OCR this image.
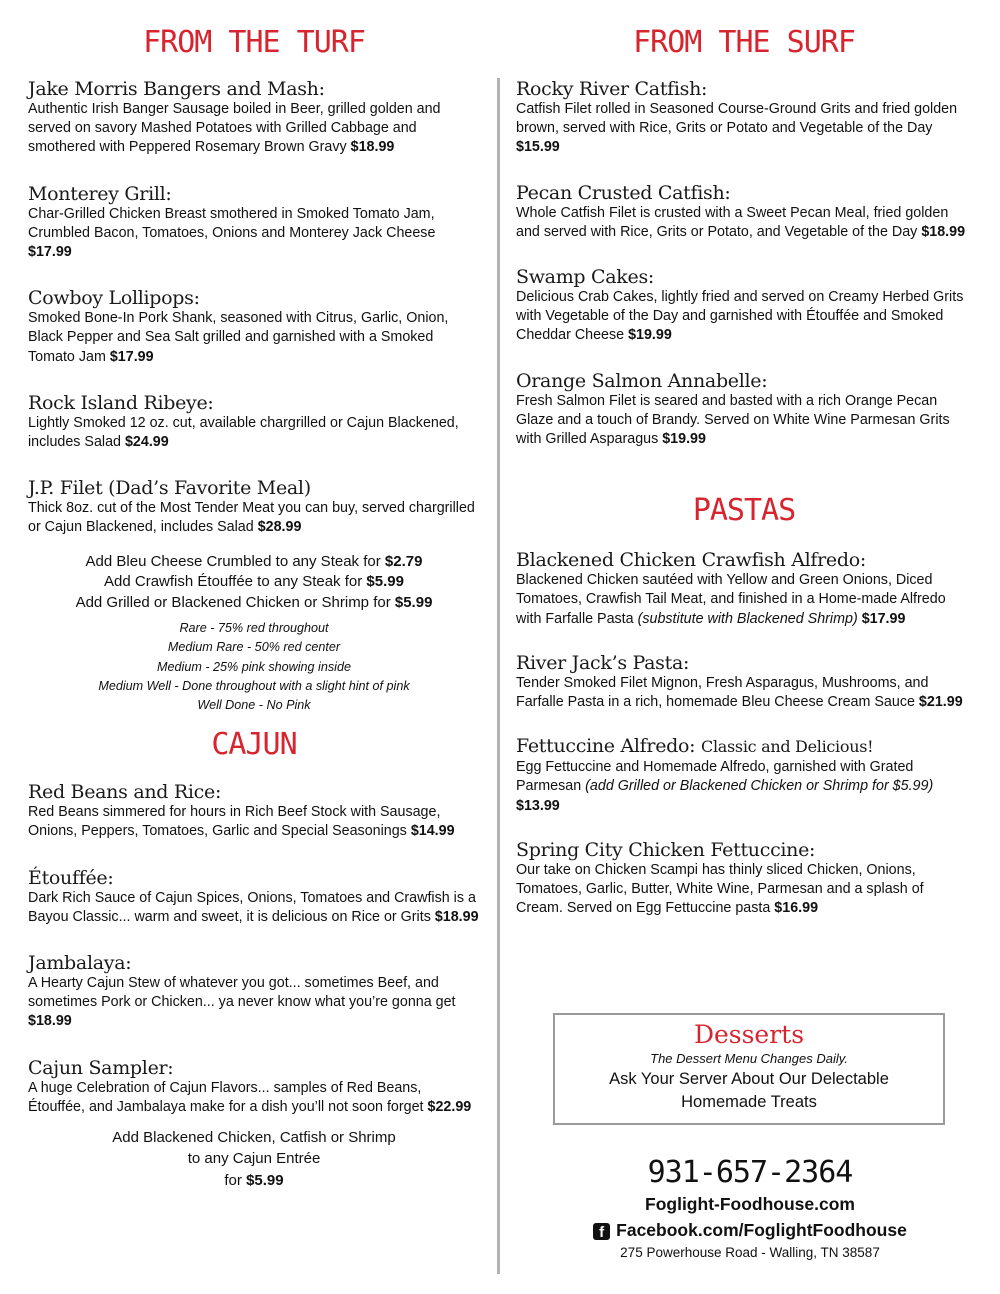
FROM THE TURF

Jake Morris Bangers and Mash:

Authentic Irish Banger Sausage boiled in Beer, grilled golden and served on savory Mashed Potatoes with Grilled Cabbage and smothered with Peppered Rosemary Brown Gravy $18.99

Monterey Grill:

Char-Grilled Chicken Breast smothered in Smoked Tomato Jam, Crumbled Bacon, Tomatoes, Onions and Monterey Jack Cheese $17.99

Cowboy Lollipops:

Smoked Bone-In Pork Shank, seasoned with Citrus, Garlic, Onion, Black Pepper and Sea Salt grilled and garnished with a Smoked Tomato Jam $17.99

Rock Island Ribeye:

Lightly Smoked 12 oz. cut, available chargrilled or Cajun Blackened, includes Salad $24.99

J.P. Filet (Dad’s Favorite Meal)

Thick 8oz. cut of the Most Tender Meat you can buy, served chargrilled or Cajun Blackened, includes Salad $28.99

Add Bleu Cheese Crumbled to any Steak for $2.79
Add Crawfish Étouffée to any Steak for $5.99
Add Grilled or Blackened Chicken or Shrimp for $5.99
Rare - 75% red throughout
Medium Rare - 50% red center
Medium - 25% pink showing inside
Medium Well - Done throughout with a slight hint of pink
Well Done - No Pink
CAJUN

Red Beans and Rice:

Red Beans simmered for hours in Rich Beef Stock with Sausage, Onions, Peppers, Tomatoes, Garlic and Special Seasonings $14.99

Étouffée:

Dark Rich Sauce of Cajun Spices, Onions, Tomatoes and Crawfish is a Bayou Classic... warm and sweet, it is delicious on Rice or Grits $18.99

Jambalaya:

A Hearty Cajun Stew of whatever you got... sometimes Beef, and sometimes Pork or Chicken... ya never know what you’re gonna get $18.99

Cajun Sampler:

A huge Celebration of Cajun Flavors... samples of Red Beans, Étouffée, and Jambalaya make for a dish you’ll not soon forget $22.99

Add Blackened Chicken, Catfish or Shrimp
to any Cajun Entrée
for $5.99
FROM THE SURF

Rocky River Catfish:

Catfish Filet rolled in Seasoned Course-Ground Grits and fried golden brown, served with Rice, Grits or Potato and Vegetable of the Day $15.99

Pecan Crusted Catfish:

Whole Catfish Filet is crusted with a Sweet Pecan Meal, fried golden and served with Rice, Grits or Potato, and Vegetable of the Day $18.99

Swamp Cakes:

Delicious Crab Cakes, lightly fried and served on Creamy Herbed Grits with Vegetable of the Day and garnished with Étouffée and Smoked Cheddar Cheese $19.99

Orange Salmon Annabelle:

Fresh Salmon Filet is seared and basted with a rich Orange Pecan Glaze and a touch of Brandy. Served on White Wine Parmesan Grits with Grilled Asparagus $19.99

PASTAS

Blackened Chicken Crawfish Alfredo:

Blackened Chicken sautéed with Yellow and Green Onions, Diced Tomatoes, Crawfish Tail Meat, and finished in a Home-made Alfredo with Farfalle Pasta (substitute with Blackened Shrimp) $17.99

River Jack’s Pasta:

Tender Smoked Filet Mignon, Fresh Asparagus, Mushrooms, and Farfalle Pasta in a rich, homemade Bleu Cheese Cream Sauce $21.99

Fettuccine Alfredo: Classic and Delicious!

Egg Fettuccine and Homemade Alfredo, garnished with Grated Parmesan (add Grilled or Blackened Chicken or Shrimp for $5.99) $13.99

Spring City Chicken Fettuccine:

Our take on Chicken Scampi has thinly sliced Chicken, Onions, Tomatoes, Garlic, Butter, White Wine, Parmesan and a splash of Cream. Served on Egg Fettuccine pasta $16.99

Desserts
The Dessert Menu Changes Daily.
Ask Your Server About Our Delectable
Homemade Treats
931-657-2364
Foglight-Foodhouse.com
f Facebook.com/FoglightFoodhouse
275 Powerhouse Road - Walling, TN 38587
